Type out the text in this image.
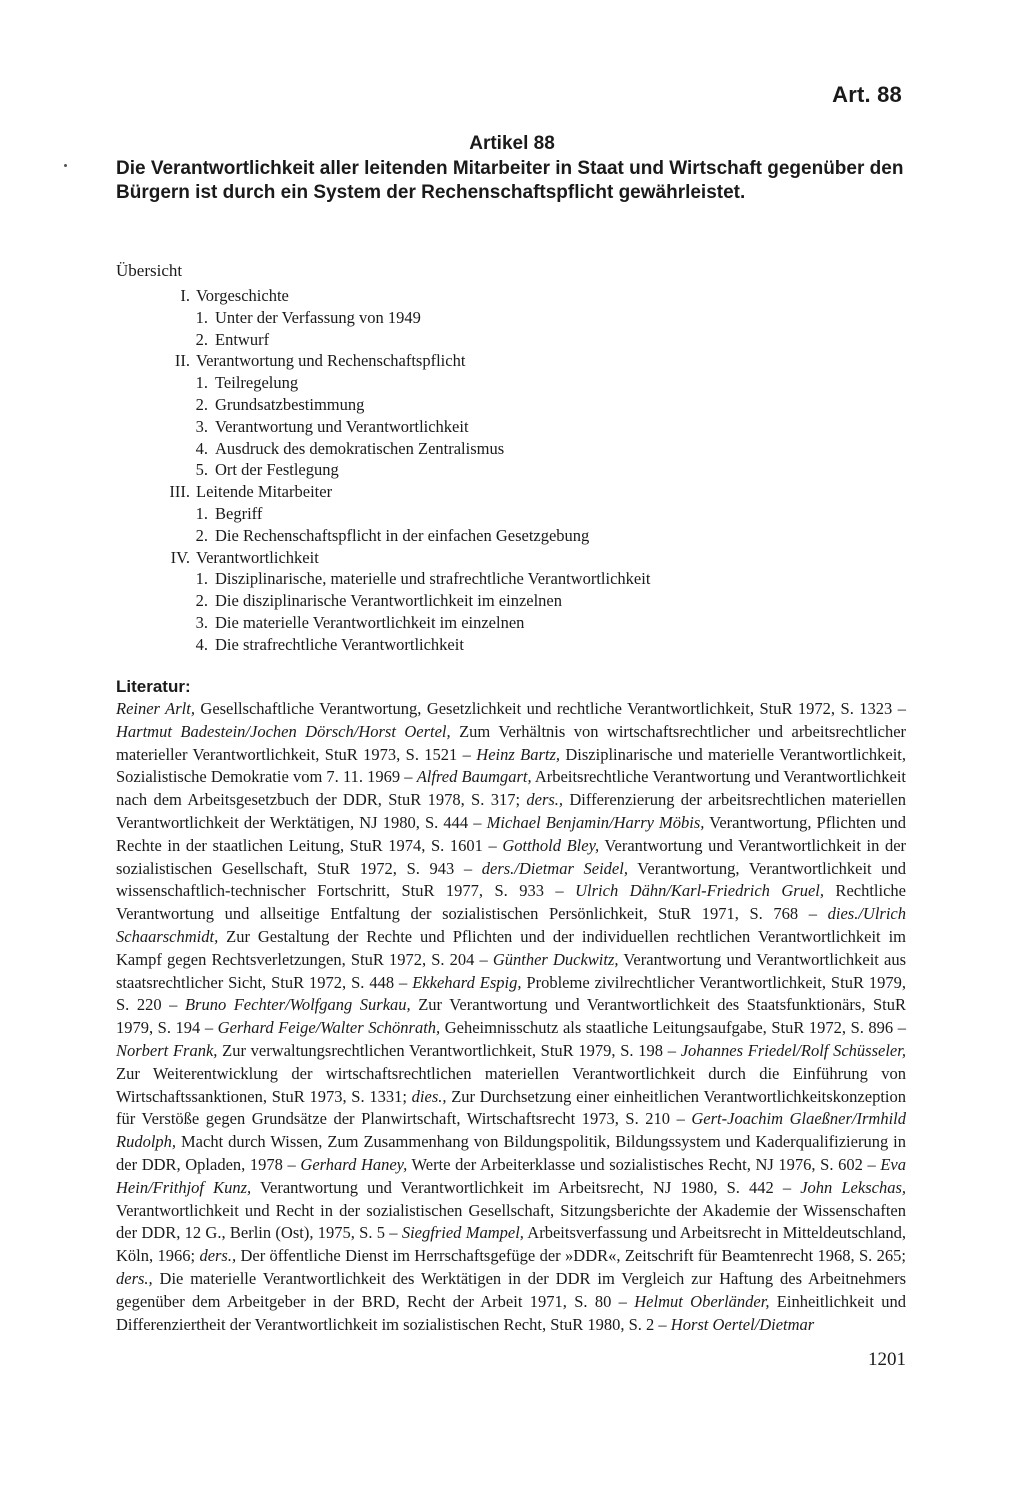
Art. 88
Artikel 88
Die Verantwortlichkeit aller leitenden Mitarbeiter in Staat und Wirtschaft gegenüber den Bürgern ist durch ein System der Rechenschaftspflicht gewährleistet.
Übersicht
I. Vorgeschichte
1. Unter der Verfassung von 1949
2. Entwurf
II. Verantwortung und Rechenschaftspflicht
1. Teilregelung
2. Grundsatzbestimmung
3. Verantwortung und Verantwortlichkeit
4. Ausdruck des demokratischen Zentralismus
5. Ort der Festlegung
III. Leitende Mitarbeiter
1. Begriff
2. Die Rechenschaftspflicht in der einfachen Gesetzgebung
IV. Verantwortlichkeit
1. Disziplinarische, materielle und strafrechtliche Verantwortlichkeit
2. Die disziplinarische Verantwortlichkeit im einzelnen
3. Die materielle Verantwortlichkeit im einzelnen
4. Die strafrechtliche Verantwortlichkeit
Literatur:
Reiner Arlt, Gesellschaftliche Verantwortung, Gesetzlichkeit und rechtliche Verantwortlichkeit, StuR 1972, S. 1323 – Hartmut Badestein/Jochen Dörsch/Horst Oertel, Zum Verhältnis von wirtschaftsrechtlicher und arbeitsrechtlicher materieller Verantwortlichkeit, StuR 1973, S. 1521 – Heinz Bartz, Disziplinarische und materielle Verantwortlichkeit, Sozialistische Demokratie vom 7. 11. 1969 – Alfred Baumgart, Arbeitsrechtliche Verantwortung und Verantwortlichkeit nach dem Arbeitsgesetzbuch der DDR, StuR 1978, S. 317; ders., Differenzierung der arbeitsrechtlichen materiellen Verantwortlichkeit der Werktätigen, NJ 1980, S. 444 – Michael Benjamin/Harry Möbis, Verantwortung, Pflichten und Rechte in der staatlichen Leitung, StuR 1974, S. 1601 – Gotthold Bley, Verantwortung und Verantwortlichkeit in der sozialistischen Gesellschaft, StuR 1972, S. 943 – ders./Dietmar Seidel, Verantwortung, Verantwortlichkeit und wissenschaftlich-technischer Fortschritt, StuR 1977, S. 933 – Ulrich Dähn/Karl-Friedrich Gruel, Rechtliche Verantwortung und allseitige Entfaltung der sozialistischen Persönlichkeit, StuR 1971, S. 768 – dies./Ulrich Schaarschmidt, Zur Gestaltung der Rechte und Pflichten und der individuellen rechtlichen Verantwortlichkeit im Kampf gegen Rechtsverletzungen, StuR 1972, S. 204 – Günther Duckwitz, Verantwortung und Verantwortlichkeit aus staatsrechtlicher Sicht, StuR 1972, S. 448 – Ekkehard Espig, Probleme zivilrechtlicher Verantwortlichkeit, StuR 1979, S. 220 – Bruno Fechter/Wolfgang Surkau, Zur Verantwortung und Verantwortlichkeit des Staatsfunktionärs, StuR 1979, S. 194 – Gerhard Feige/Walter Schönrath, Geheimnisschutz als staatliche Leitungsaufgabe, StuR 1972, S. 896 – Norbert Frank, Zur verwaltungsrechtlichen Verantwortlichkeit, StuR 1979, S. 198 – Johannes Friedel/Rolf Schüsseler, Zur Weiterentwicklung der wirtschaftsrechtlichen materiellen Verantwortlichkeit durch die Einführung von Wirtschaftssanktionen, StuR 1973, S. 1331; dies., Zur Durchsetzung einer einheitlichen Verantwortlichkeitskonzeption für Verstöße gegen Grundsätze der Planwirtschaft, Wirtschaftsrecht 1973, S. 210 – Gert-Joachim Glaeßner/Irmhild Rudolph, Macht durch Wissen, Zum Zusammenhang von Bildungspolitik, Bildungssystem und Kaderqualifizierung in der DDR, Opladen, 1978 – Gerhard Haney, Werte der Arbeiterklasse und sozialistisches Recht, NJ 1976, S. 602 – Eva Hein/Frithjof Kunz, Verantwortung und Verantwortlichkeit im Arbeitsrecht, NJ 1980, S. 442 – John Lekschas, Verantwortlichkeit und Recht in der sozialistischen Gesellschaft, Sitzungsberichte der Akademie der Wissenschaften der DDR, 12 G., Berlin (Ost), 1975, S. 5 – Siegfried Mampel, Arbeitsverfassung und Arbeitsrecht in Mitteldeutschland, Köln, 1966; ders., Der öffentliche Dienst im Herrschaftsgefüge der »DDR«, Zeitschrift für Beamtenrecht 1968, S. 265; ders., Die materielle Verantwortlichkeit des Werktätigen in der DDR im Vergleich zur Haftung des Arbeitnehmers gegenüber dem Arbeitgeber in der BRD, Recht der Arbeit 1971, S. 80 – Helmut Oberländer, Einheitlichkeit und Differenziertheit der Verantwortlichkeit im sozialistischen Recht, StuR 1980, S. 2 – Horst Oertel/Dietmar
1201
